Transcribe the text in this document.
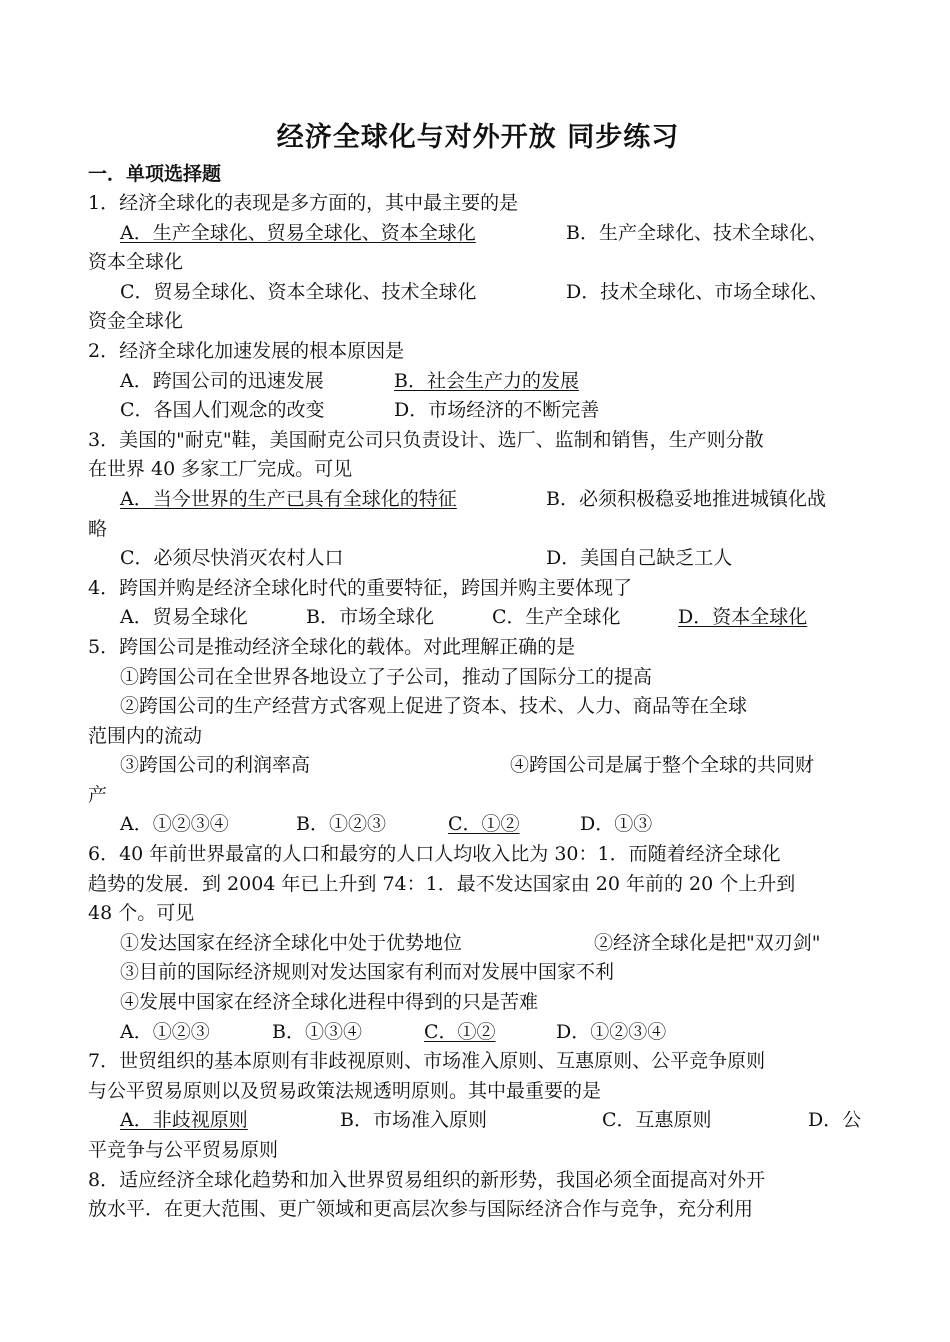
经济全球化与对外开放 同步练习
一．单项选择题
1．经济全球化的表现是多方面的，其中最主要的是
A．生产全球化、贸易全球化、资本全球化	B．生产全球化、技术全球化、
资本全球化
C．贸易全球化、资本全球化、技术全球化	D．技术全球化、市场全球化、
资金全球化
2．经济全球化加速发展的根本原因是
A．跨国公司的迅速发展	B．社会生产力的发展
C．各国人们观念的改变	D．市场经济的不断完善
3．美国的"耐克"鞋，美国耐克公司只负责设计、选厂、监制和销售，生产则分散
在世界 40 多家工厂完成。可见
A．当今世界的生产已具有全球化的特征	B．必须积极稳妥地推进城镇化战
略
C．必须尽快消灭农村人口	D．美国自己缺乏工人
4．跨国并购是经济全球化时代的重要特征，跨国并购主要体现了
A．贸易全球化	B．市场全球化	C．生产全球化	D．资本全球化
5．跨国公司是推动经济全球化的载体。对此理解正确的是
①跨国公司在全世界各地设立了子公司，推动了国际分工的提高
②跨国公司的生产经营方式客观上促进了资本、技术、人力、商品等在全球
范围内的流动
③跨国公司的利润率高	④跨国公司是属于整个全球的共同财
产
A．①②③④	B．①②③	C．①②	D．①③
6．40 年前世界最富的人口和最穷的人口人均收入比为 30：1．而随着经济全球化
趋势的发展．到 2004 年已上升到 74：1．最不发达国家由 20 年前的 20 个上升到
48 个。可见
①发达国家在经济全球化中处于优势地位	②经济全球化是把"双刃剑"
③目前的国际经济规则对发达国家有利而对发展中国家不利
④发展中国家在经济全球化进程中得到的只是苦难
A．①②③	B．①③④	C．①②	D．①②③④
7．世贸组织的基本原则有非歧视原则、市场准入原则、互惠原则、公平竞争原则
与公平贸易原则以及贸易政策法规透明原则。其中最重要的是
A．非歧视原则	B．市场准入原则	C．互惠原则	D．公
平竞争与公平贸易原则
8．适应经济全球化趋势和加入世界贸易组织的新形势，我国必须全面提高对外开
放水平．在更大范围、更广领域和更高层次参与国际经济合作与竞争，充分利用
